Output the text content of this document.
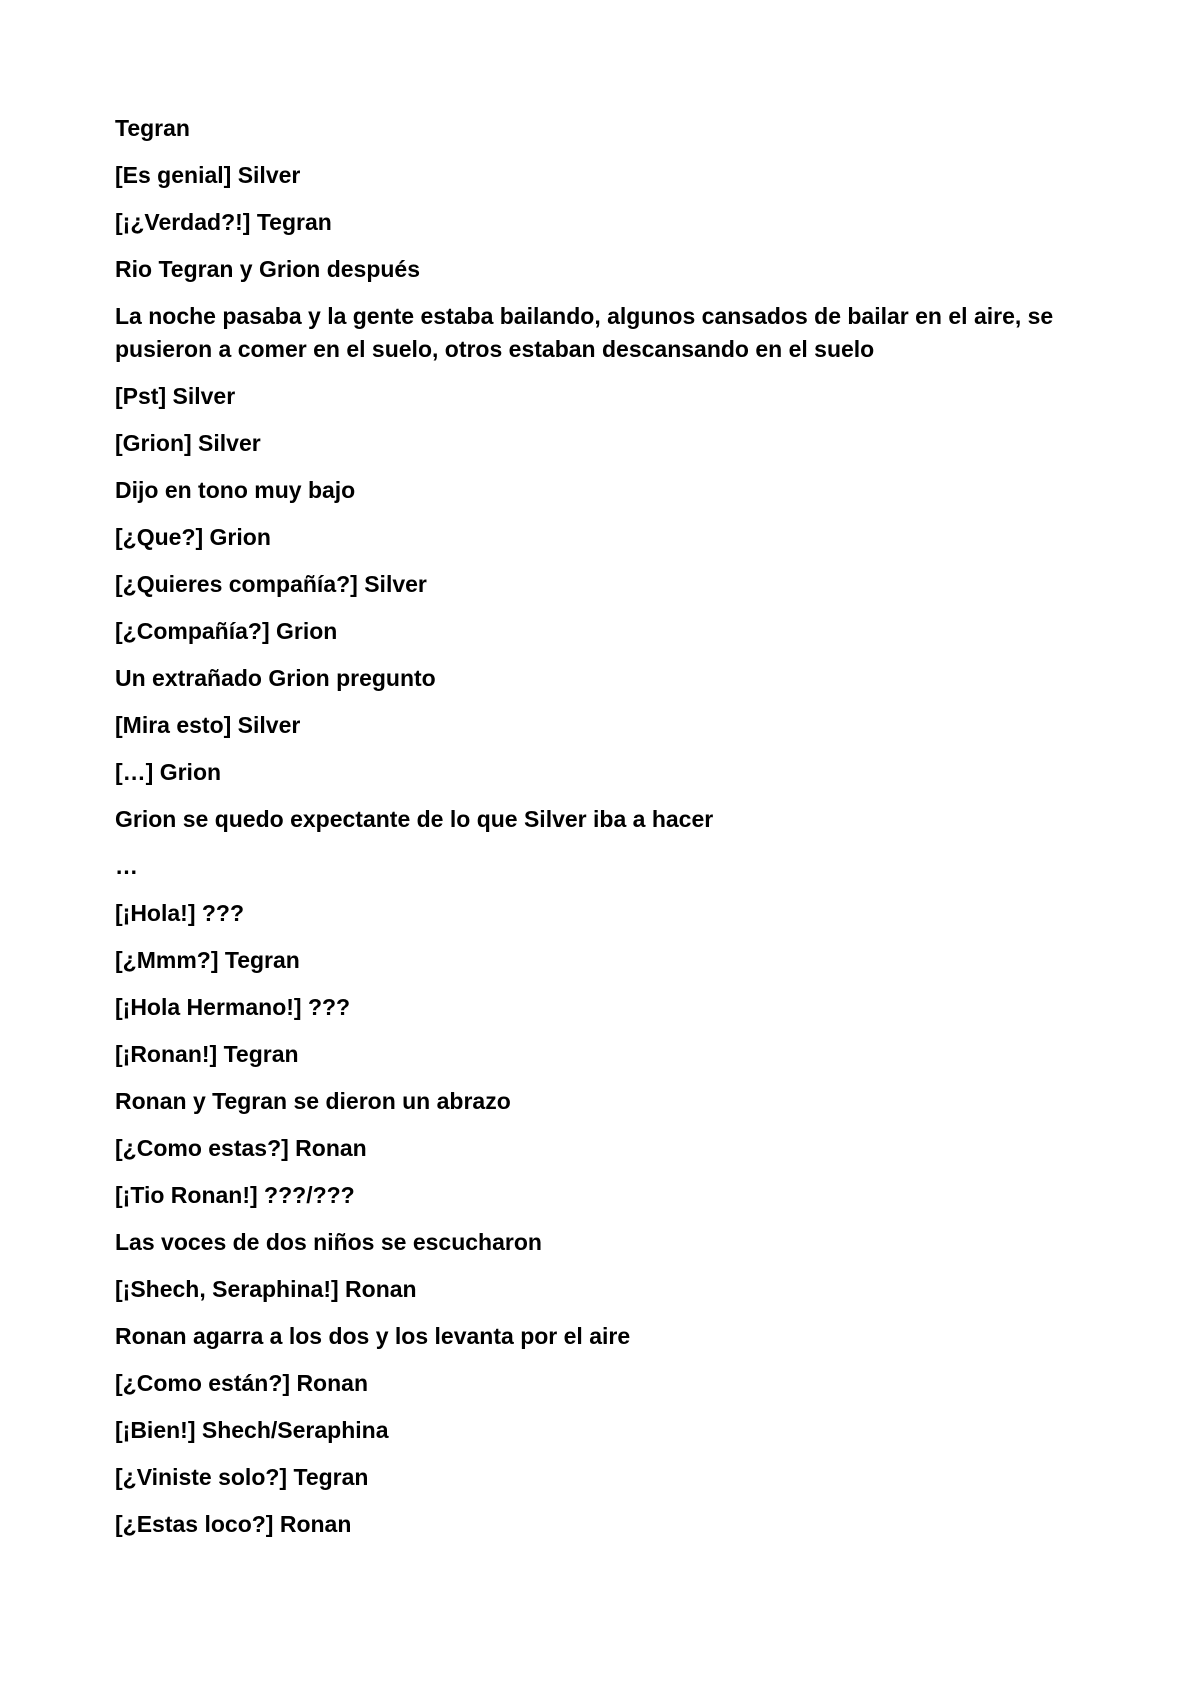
Tegran

[Es genial] Silver

[¡¿Verdad?!] Tegran

Rio Tegran y Grion después

La noche pasaba y la gente estaba bailando, algunos cansados de bailar en el aire, se pusieron a comer en el suelo, otros estaban descansando en el suelo

[Pst] Silver

[Grion] Silver

Dijo en tono muy bajo

[¿Que?] Grion

[¿Quieres compañía?] Silver

[¿Compañía?] Grion

Un extrañado Grion pregunto

[Mira esto] Silver

[…] Grion

Grion se quedo expectante de lo que Silver iba a hacer

…

[¡Hola!] ???

[¿Mmm?] Tegran

[¡Hola Hermano!] ???

[¡Ronan!] Tegran

Ronan y Tegran se dieron un abrazo

[¿Como estas?] Ronan

[¡Tio Ronan!] ???/???

Las voces de dos niños se escucharon

[¡Shech, Seraphina!] Ronan

Ronan agarra a los dos y los levanta por el aire

[¿Como están?] Ronan

[¡Bien!] Shech/Seraphina

[¿Viniste solo?] Tegran

[¿Estas loco?] Ronan
